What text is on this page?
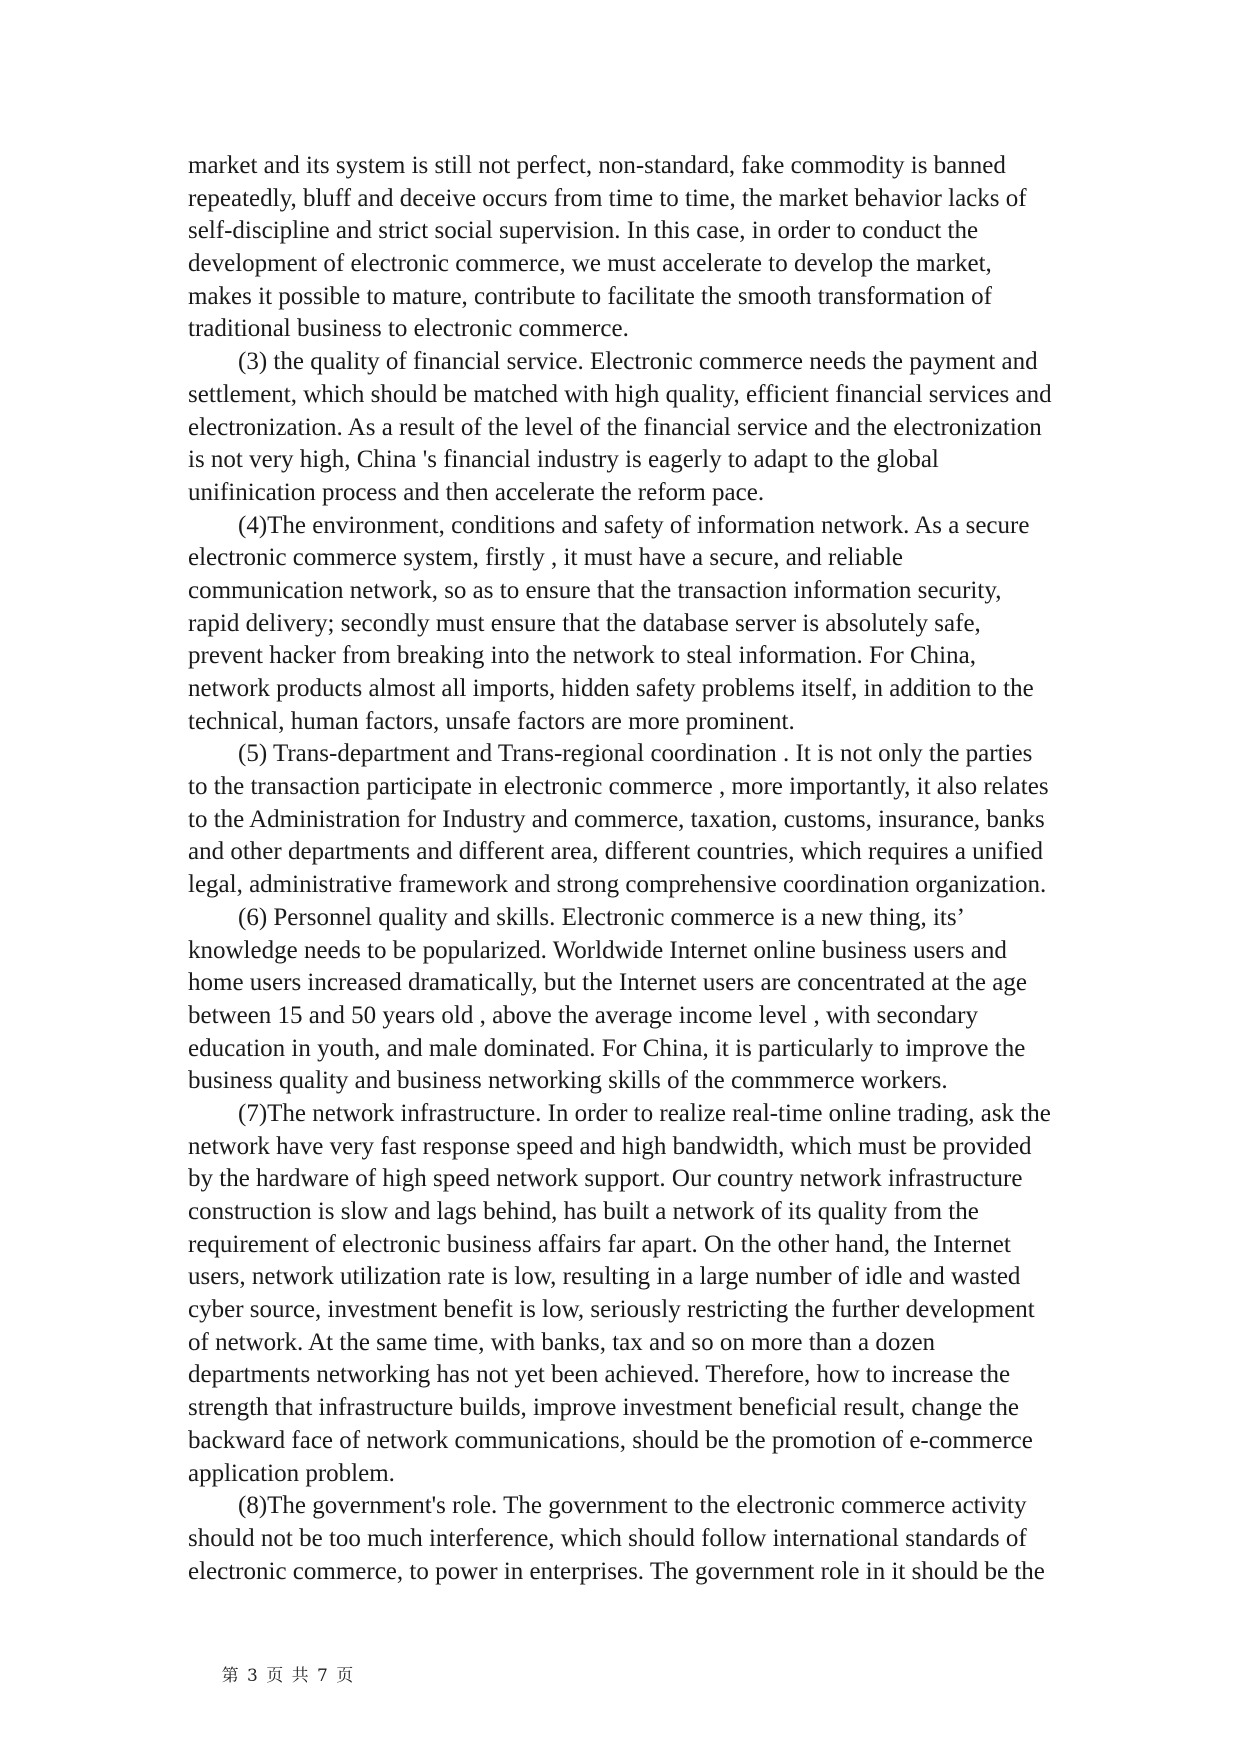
market and its system is still not perfect, non-standard, fake commodity is banned
repeatedly, bluff and deceive occurs from time to time, the market behavior lacks of
self-discipline and strict social supervision. In this case, in order to conduct the
development of electronic commerce, we must accelerate to develop the market,
makes it possible to mature, contribute to facilitate the smooth transformation of
traditional business to electronic commerce.
(3) the quality of financial service. Electronic commerce needs the payment and
settlement, which should be matched with high quality, efficient financial services and
electronization. As a result of the level of the financial service and the electronization
is not very high, China 's financial industry is eagerly to adapt to the global
unifinication process and then accelerate the reform pace.
(4)The environment, conditions and safety of information network. As a secure
electronic commerce system, firstly , it must have a secure, and reliable
communication network, so as to ensure that the transaction information security,
rapid delivery; secondly must ensure that the database server is absolutely safe,
prevent hacker from breaking into the network to steal information. For China,
network products almost all imports, hidden safety problems itself, in addition to the
technical, human factors, unsafe factors are more prominent.
(5) Trans-department and Trans-regional coordination . It is not only the parties
to the transaction participate in electronic commerce , more importantly, it also relates
to the Administration for Industry and commerce, taxation, customs, insurance, banks
and other departments and different area, different countries, which requires a unified
legal, administrative framework and strong comprehensive coordination organization.
(6) Personnel quality and skills. Electronic commerce is a new thing, its’
knowledge needs to be popularized. Worldwide Internet online business users and
home users increased dramatically, but the Internet users are concentrated at the age
between 15 and 50 years old , above the average income level , with secondary
education in youth, and male dominated. For China, it is particularly to improve the
business quality and business networking skills of the commmerce workers.
(7)The network infrastructure. In order to realize real-time online trading, ask the
network have very fast response speed and high bandwidth, which must be provided
by the hardware of high speed network support. Our country network infrastructure
construction is slow and lags behind, has built a network of its quality from the
requirement of electronic business affairs far apart. On the other hand, the Internet
users, network utilization rate is low, resulting in a large number of idle and wasted
cyber source, investment benefit is low, seriously restricting the further development
of network. At the same time, with banks, tax and so on more than a dozen
departments networking has not yet been achieved. Therefore, how to increase the
strength that infrastructure builds, improve investment beneficial result, change the
backward face of network communications, should be the promotion of e-commerce
application problem.
(8)The government's role. The government to the electronic commerce activity
should not be too much interference, which should follow international standards of
electronic commerce, to power in enterprises. The government role in it should be the

第 3 页 共 7 页
